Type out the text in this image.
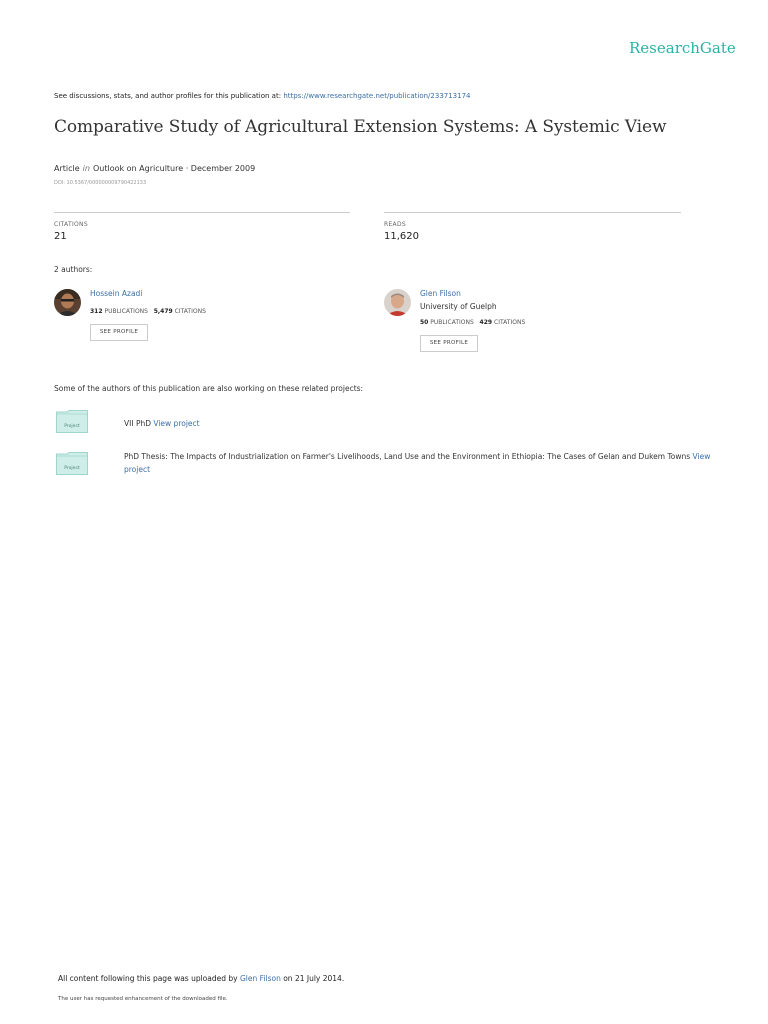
ResearchGate
See discussions, stats, and author profiles for this publication at: https://www.researchgate.net/publication/233713174
Comparative Study of Agricultural Extension Systems: A Systemic View
Article in Outlook on Agriculture · December 2009
DOI: 10.5367/000000009790422133
CITATIONS
21
READS
11,620
2 authors:
Hossein Azadi
312 PUBLICATIONS 5,479 CITATIONS
SEE PROFILE
Glen Filson
University of Guelph
50 PUBLICATIONS 429 CITATIONS
SEE PROFILE
Some of the authors of this publication are also working on these related projects:
Project	VII PhD View project
Project
PhD Thesis: The Impacts of Industrialization on Farmer's Livelihoods, Land Use and the Environment in Ethiopia: The Cases of Gelan and Dukem Towns View project
All content following this page was uploaded by Glen Filson on 21 July 2014.
The user has requested enhancement of the downloaded file.
